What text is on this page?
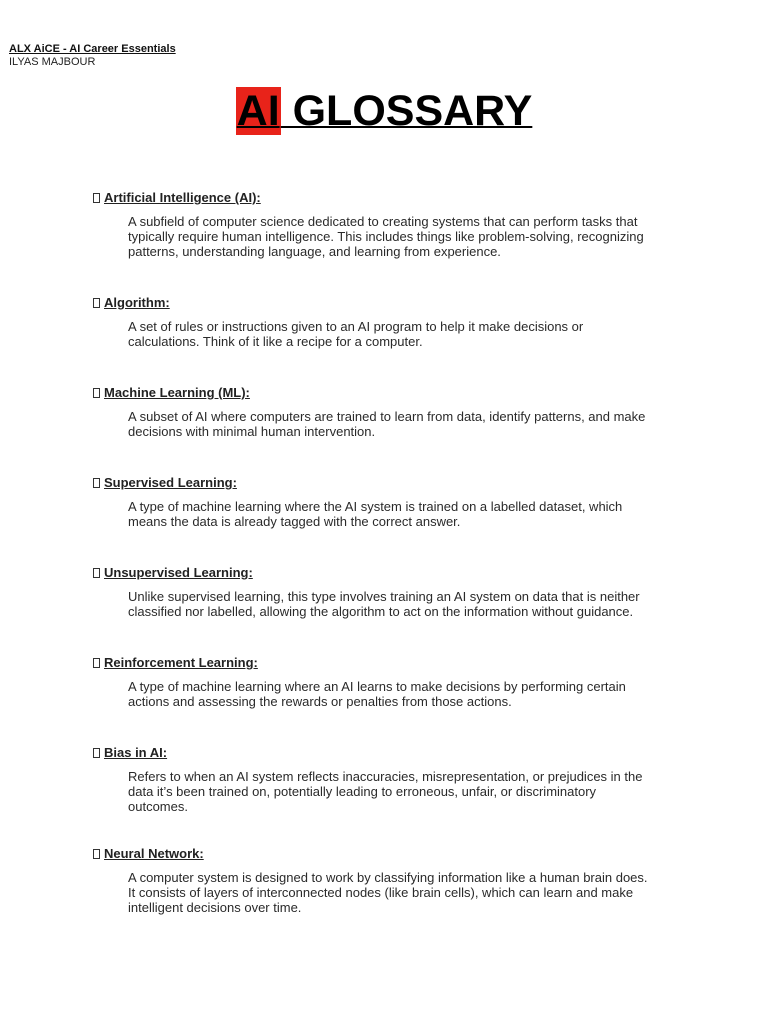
ALX AiCE - AI Career Essentials
ILYAS MAJBOUR
AI GLOSSARY
Artificial Intelligence (AI):
A subfield of computer science dedicated to creating systems that can perform tasks that
typically require human intelligence. This includes things like problem-solving, recognizing
patterns, understanding language, and learning from experience.
Algorithm:
A set of rules or instructions given to an AI program to help it make decisions or
calculations. Think of it like a recipe for a computer.
Machine Learning (ML):
A subset of AI where computers are trained to learn from data, identify patterns, and make
decisions with minimal human intervention.
Supervised Learning:
A type of machine learning where the AI system is trained on a labelled dataset, which
means the data is already tagged with the correct answer.
Unsupervised Learning:
Unlike supervised learning, this type involves training an AI system on data that is neither
classified nor labelled, allowing the algorithm to act on the information without guidance.
Reinforcement Learning:
A type of machine learning where an AI learns to make decisions by performing certain
actions and assessing the rewards or penalties from those actions.
Bias in AI:
Refers to when an AI system reflects inaccuracies, misrepresentation, or prejudices in the
data it’s been trained on, potentially leading to erroneous, unfair, or discriminatory
outcomes.
Neural Network:
A computer system is designed to work by classifying information like a human brain does.
It consists of layers of interconnected nodes (like brain cells), which can learn and make
intelligent decisions over time.
